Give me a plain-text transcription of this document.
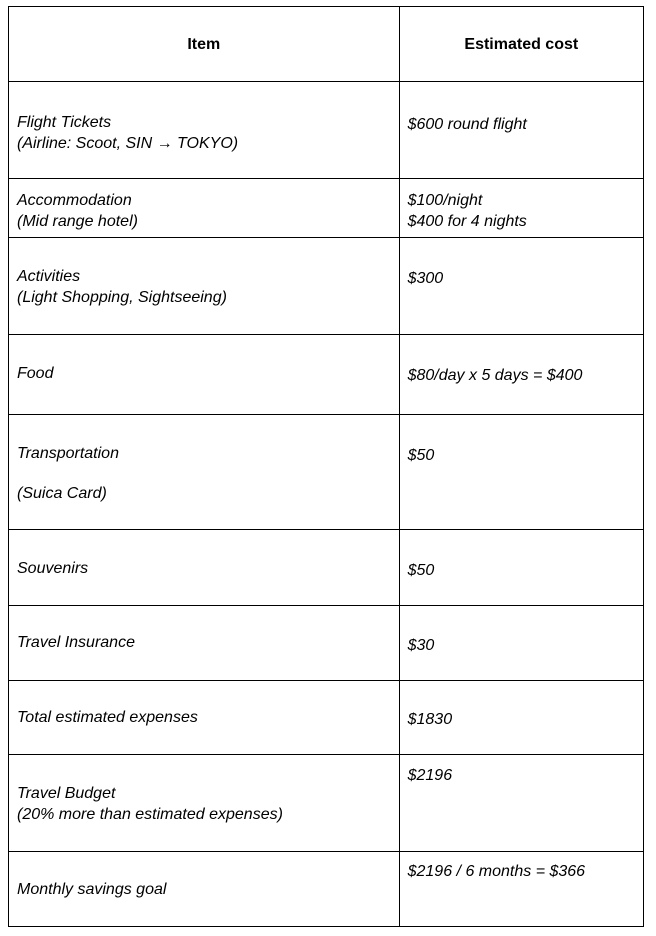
Item	Estimated cost

Flight Tickets
(Airline: Scoot, SIN → TOKYO)	$600 round flight

Accommodation
(Mid range hotel)	$100/night
$400 for 4 nights

Activities
(Light Shopping, Sightseeing)	$300

Food	$80/day x 5 days = $400

Transportation
(Suica Card)	$50

Souvenirs	$50

Travel Insurance	$30

Total estimated expenses	$1830

Travel Budget
(20% more than estimated expenses)	$2196

Monthly savings goal	$2196 / 6 months = $366
